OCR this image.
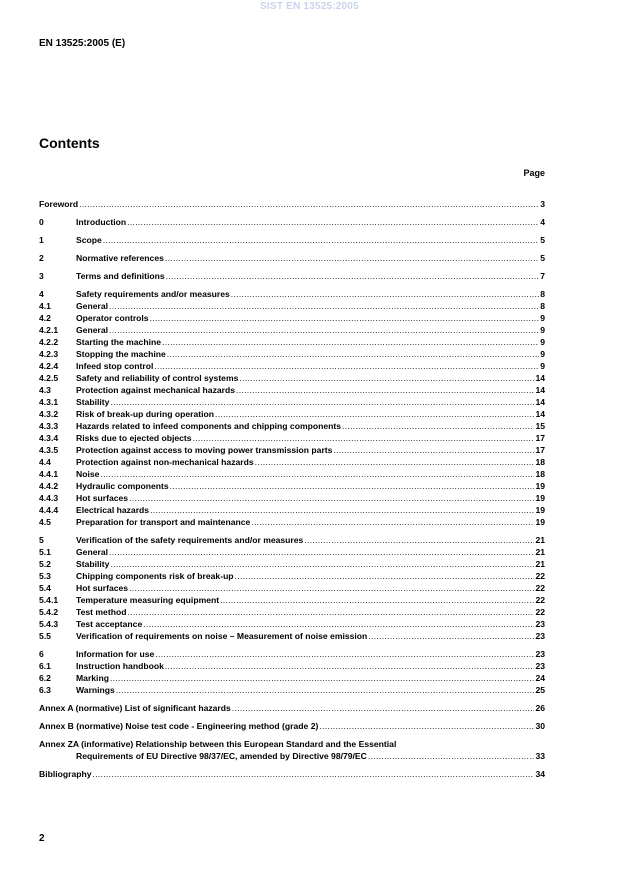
SIST EN 13525:2005
EN 13525:2005 (E)
Contents
Page
Foreword .....	3
0	Introduction .....	4
1	Scope .....	5
2	Normative references .....	5
3	Terms and definitions .....	7
4	Safety requirements and/or measures .....	8
4.1	General .....	8
4.2	Operator controls .....	9
4.2.1	General .....	9
4.2.2	Starting the machine .....	9
4.2.3	Stopping the machine .....	9
4.2.4	Infeed stop control .....	9
4.2.5	Safety and reliability of control systems .....	14
4.3	Protection against mechanical hazards .....	14
4.3.1	Stability .....	14
4.3.2	Risk of break-up during operation .....	14
4.3.3	Hazards related to infeed components and chipping components .....	15
4.3.4	Risks due to ejected objects .....	17
4.3.5	Protection against access to moving power transmission parts .....	17
4.4	Protection against non-mechanical hazards .....	18
4.4.1	Noise .....	18
4.4.2	Hydraulic components .....	19
4.4.3	Hot surfaces .....	19
4.4.4	Electrical hazards .....	19
4.5	Preparation for transport and maintenance .....	19
5	Verification of the safety requirements and/or measures .....	21
5.1	General .....	21
5.2	Stability .....	21
5.3	Chipping components risk of break-up .....	22
5.4	Hot surfaces .....	22
5.4.1	Temperature measuring equipment .....	22
5.4.2	Test method .....	22
5.4.3	Test acceptance .....	23
5.5	Verification of requirements on noise – Measurement of noise emission .....	23
6	Information for use .....	23
6.1	Instruction handbook .....	23
6.2	Marking .....	24
6.3	Warnings .....	25
Annex A (normative) List of significant hazards .....	26
Annex B (normative) Noise test code - Engineering method (grade 2) .....	30
Annex ZA (informative) Relationship between this European Standard and the Essential
Requirements of EU Directive 98/37/EC, amended by Directive 98/79/EC .....	33
Bibliography .....	34
2
